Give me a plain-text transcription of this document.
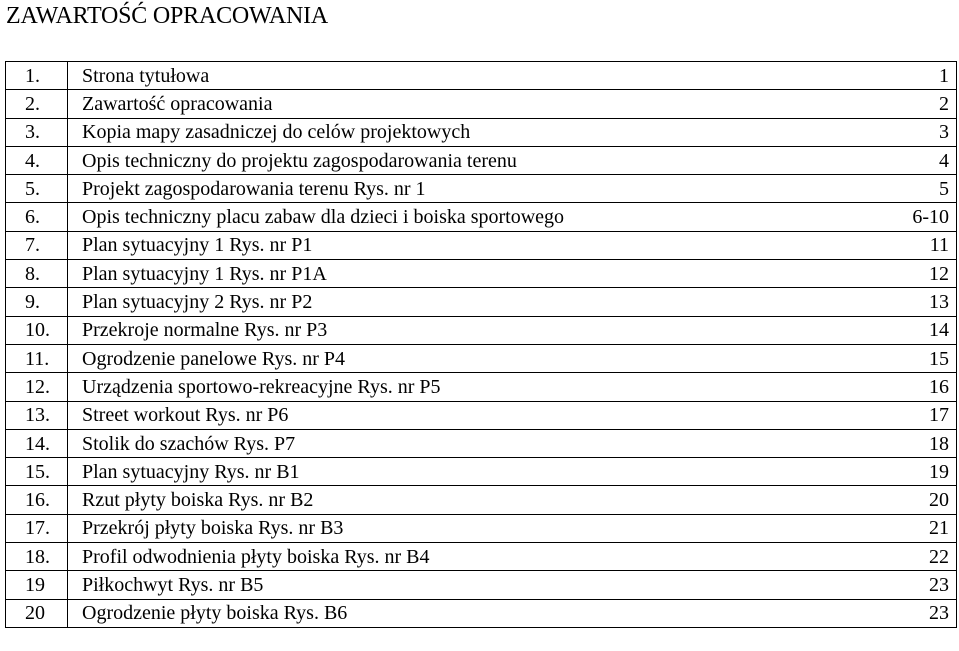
ZAWARTOŚĆ OPRACOWANIA
1.	Strona tytułowa	1
2.	Zawartość opracowania	2
3.	Kopia mapy zasadniczej do celów projektowych	3
4.	Opis techniczny do projektu zagospodarowania terenu	4
5.	Projekt zagospodarowania terenu Rys. nr 1	5
6.	Opis techniczny placu zabaw dla dzieci i boiska sportowego	6-10
7.	Plan sytuacyjny 1 Rys. nr P1	11
8.	Plan sytuacyjny 1 Rys. nr P1A	12
9.	Plan sytuacyjny 2 Rys. nr P2	13
10.	Przekroje normalne Rys. nr P3	14
11.	Ogrodzenie panelowe Rys. nr P4	15
12.	Urządzenia sportowo-rekreacyjne Rys. nr P5	16
13.	Street workout Rys. nr P6	17
14.	Stolik do szachów Rys. P7	18
15.	Plan sytuacyjny Rys. nr B1	19
16.	Rzut płyty boiska Rys. nr B2	20
17.	Przekrój płyty boiska Rys. nr B3	21
18.	Profil odwodnienia płyty boiska Rys. nr B4	22
19	Piłkochwyt Rys. nr B5	23
20	Ogrodzenie płyty boiska Rys. B6	23
